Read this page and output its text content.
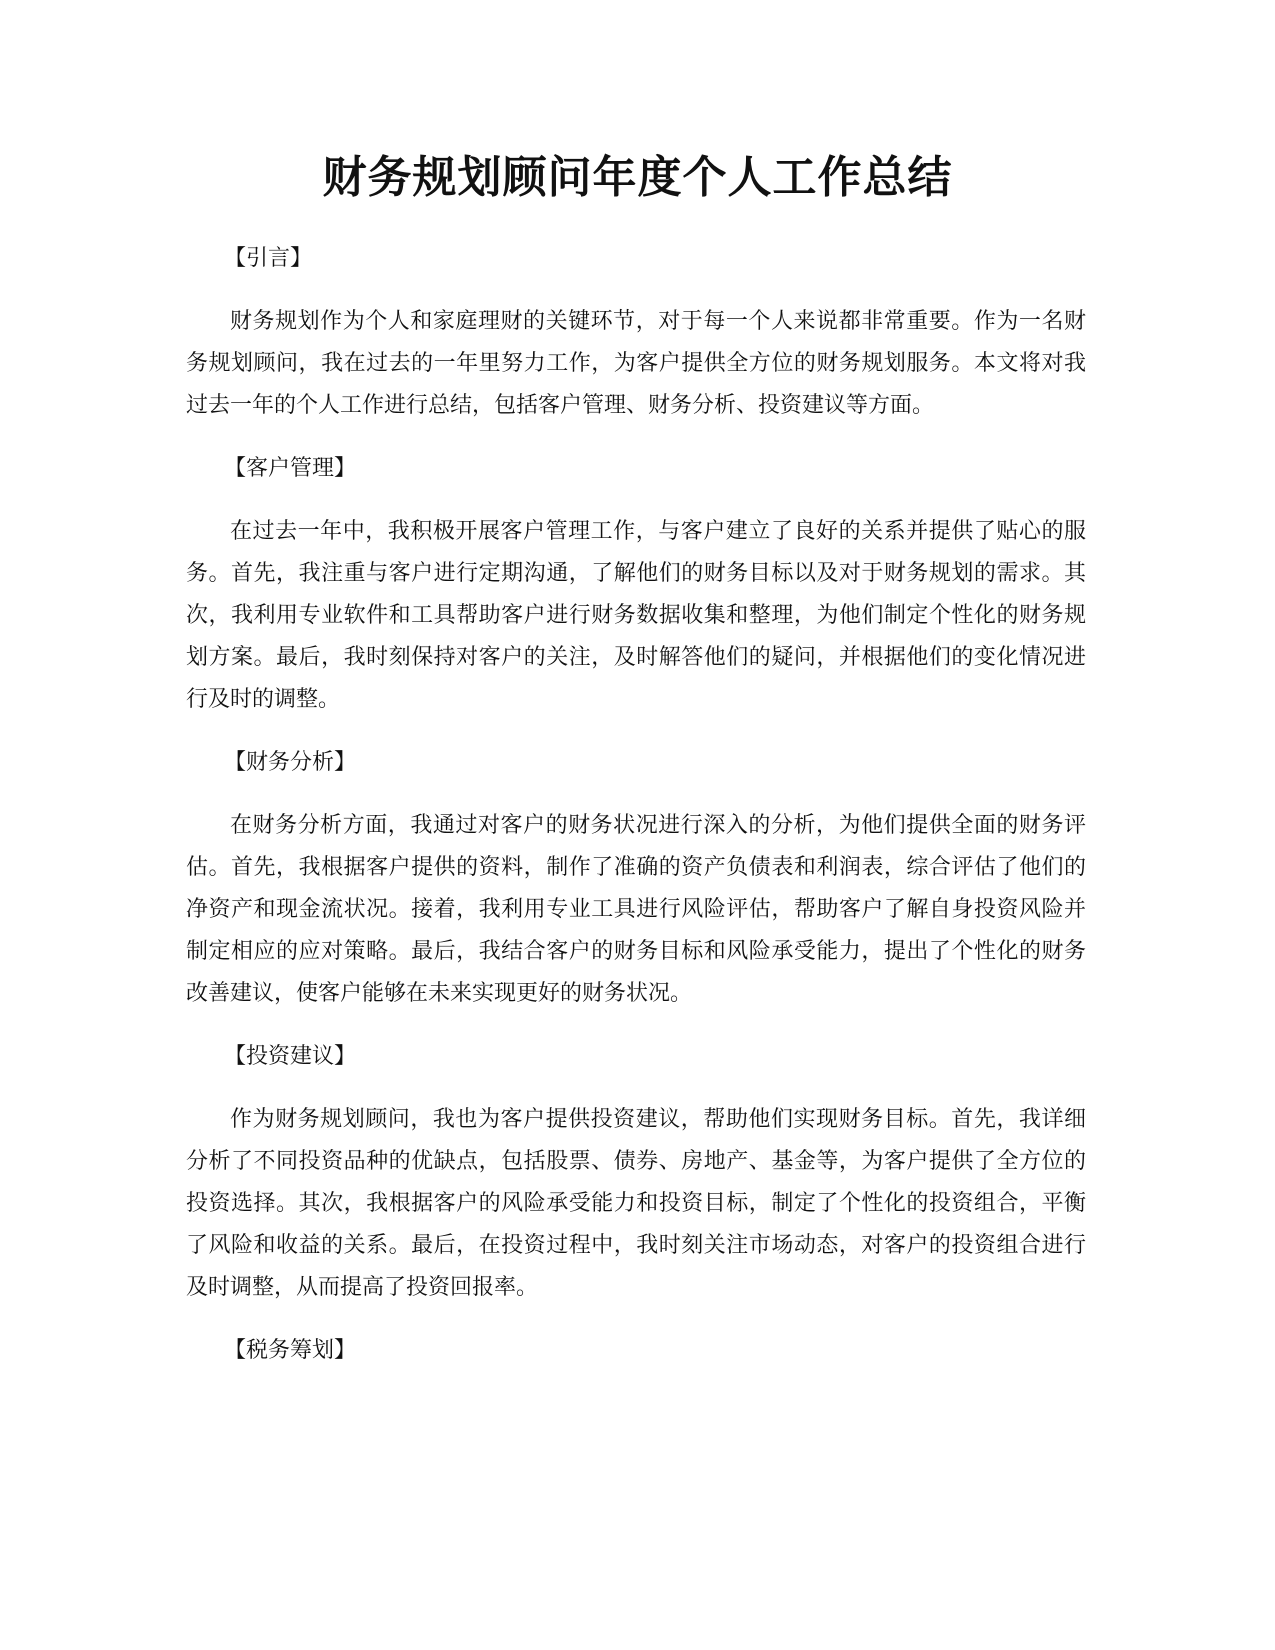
财务规划顾问年度个人工作总结
【引言】

财务规划作为个人和家庭理财的关键环节，对于每一个人来说都非常重要。作为一名财务规划顾问，我在过去的一年里努力工作，为客户提供全方位的财务规划服务。本文将对我过去一年的个人工作进行总结，包括客户管理、财务分析、投资建议等方面。

【客户管理】

在过去一年中，我积极开展客户管理工作，与客户建立了良好的关系并提供了贴心的服务。首先，我注重与客户进行定期沟通，了解他们的财务目标以及对于财务规划的需求。其次，我利用专业软件和工具帮助客户进行财务数据收集和整理，为他们制定个性化的财务规划方案。最后，我时刻保持对客户的关注，及时解答他们的疑问，并根据他们的变化情况进行及时的调整。

【财务分析】

在财务分析方面，我通过对客户的财务状况进行深入的分析，为他们提供全面的财务评估。首先，我根据客户提供的资料，制作了准确的资产负债表和利润表，综合评估了他们的净资产和现金流状况。接着，我利用专业工具进行风险评估，帮助客户了解自身投资风险并制定相应的应对策略。最后，我结合客户的财务目标和风险承受能力，提出了个性化的财务改善建议，使客户能够在未来实现更好的财务状况。

【投资建议】

作为财务规划顾问，我也为客户提供投资建议，帮助他们实现财务目标。首先，我详细分析了不同投资品种的优缺点，包括股票、债券、房地产、基金等，为客户提供了全方位的投资选择。其次，我根据客户的风险承受能力和投资目标，制定了个性化的投资组合，平衡了风险和收益的关系。最后，在投资过程中，我时刻关注市场动态，对客户的投资组合进行及时调整，从而提高了投资回报率。

【税务筹划】
